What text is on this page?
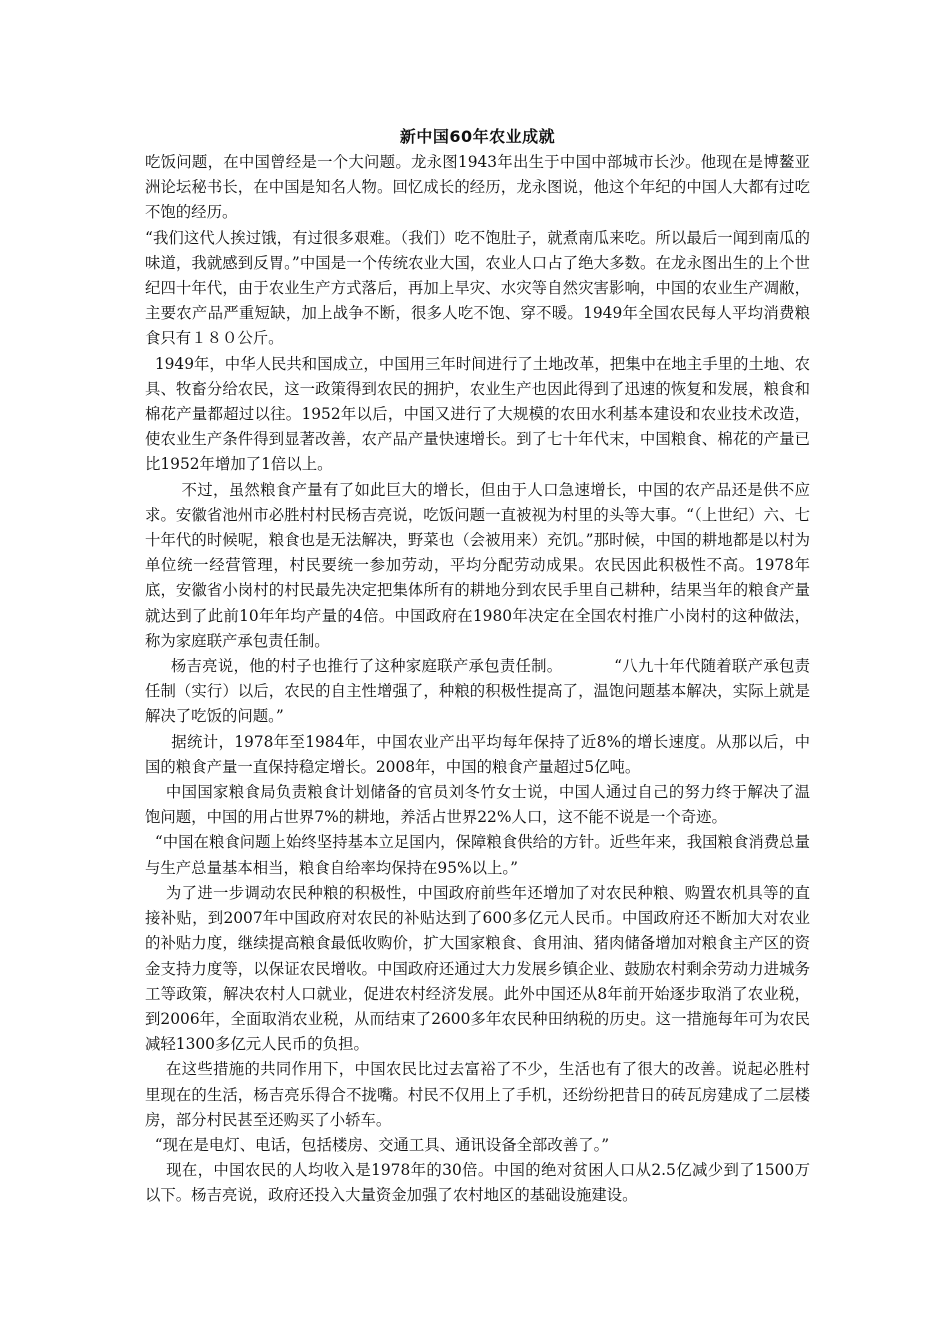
新中国60年农业成就

吃饭问题，在中国曾经是一个大问题。龙永图1943年出生于中国中部城市长沙。他现在是博鳌亚洲论坛秘书长，在中国是知名人物。回忆成长的经历，龙永图说，他这个年纪的中国人大都有过吃不饱的经历。

“我们这代人挨过饿，有过很多艰难。（我们）吃不饱肚子，就煮南瓜来吃。所以最后一闻到南瓜的味道，我就感到反胃。”中国是一个传统农业大国，农业人口占了绝大多数。在龙永图出生的上个世纪四十年代，由于农业生产方式落后，再加上旱灾、水灾等自然灾害影响，中国的农业生产凋敝，主要农产品严重短缺，加上战争不断，很多人吃不饱、穿不暖。1949年全国农民每人平均消费粮食只有１８０公斤。

1949年，中华人民共和国成立，中国用三年时间进行了土地改革，把集中在地主手里的土地、农具、牧畜分给农民，这一政策得到农民的拥护，农业生产也因此得到了迅速的恢复和发展，粮食和棉花产量都超过以往。1952年以后，中国又进行了大规模的农田水利基本建设和农业技术改造，使农业生产条件得到显著改善，农产品产量快速增长。到了七十年代末，中国粮食、棉花的产量已比1952年增加了1倍以上。

不过，虽然粮食产量有了如此巨大的增长，但由于人口急速增长，中国的农产品还是供不应求。安徽省池州市必胜村村民杨吉亮说，吃饭问题一直被视为村里的头等大事。“（上世纪）六、七十年代的时候呢，粮食也是无法解决，野菜也（会被用来）充饥。”那时候，中国的耕地都是以村为单位统一经营管理，村民要统一参加劳动，平均分配劳动成果。农民因此积极性不高。1978年底，安徽省小岗村的村民最先决定把集体所有的耕地分到农民手里自己耕种，结果当年的粮食产量就达到了此前10年年均产量的4倍。中国政府在1980年决定在全国农村推广小岗村的这种做法，称为家庭联产承包责任制。

杨吉亮说，他的村子也推行了这种家庭联产承包责任制。          “八九十年代随着联产承包责任制（实行）以后，农民的自主性增强了，种粮的积极性提高了，温饱问题基本解决，实际上就是解决了吃饭的问题。”

据统计，1978年至1984年，中国农业产出平均每年保持了近8%的增长速度。从那以后，中国的粮食产量一直保持稳定增长。2008年，中国的粮食产量超过5亿吨。

中国国家粮食局负责粮食计划储备的官员刘冬竹女士说，中国人通过自己的努力终于解决了温饱问题，中国的用占世界7%的耕地，养活占世界22%人口，这不能不说是一个奇迹。

“中国在粮食问题上始终坚持基本立足国内，保障粮食供给的方针。近些年来，我国粮食消费总量与生产总量基本相当，粮食自给率均保持在95%以上。”

为了进一步调动农民种粮的积极性，中国政府前些年还增加了对农民种粮、购置农机具等的直接补贴，到2007年中国政府对农民的补贴达到了600多亿元人民币。中国政府还不断加大对农业的补贴力度，继续提高粮食最低收购价，扩大国家粮食、食用油、猪肉储备增加对粮食主产区的资金支持力度等，以保证农民增收。中国政府还通过大力发展乡镇企业、鼓励农村剩余劳动力进城务工等政策，解决农村人口就业，促进农村经济发展。此外中国还从8年前开始逐步取消了农业税，到2006年，全面取消农业税，从而结束了2600多年农民种田纳税的历史。这一措施每年可为农民减轻1300多亿元人民币的负担。

在这些措施的共同作用下，中国农民比过去富裕了不少，生活也有了很大的改善。说起必胜村里现在的生活，杨吉亮乐得合不拢嘴。村民不仅用上了手机，还纷纷把昔日的砖瓦房建成了二层楼房，部分村民甚至还购买了小轿车。

“现在是电灯、电话，包括楼房、交通工具、通讯设备全部改善了。”

现在，中国农民的人均收入是1978年的30倍。中国的绝对贫困人口从2.5亿减少到了1500万以下。杨吉亮说，政府还投入大量资金加强了农村地区的基础设施建设。
